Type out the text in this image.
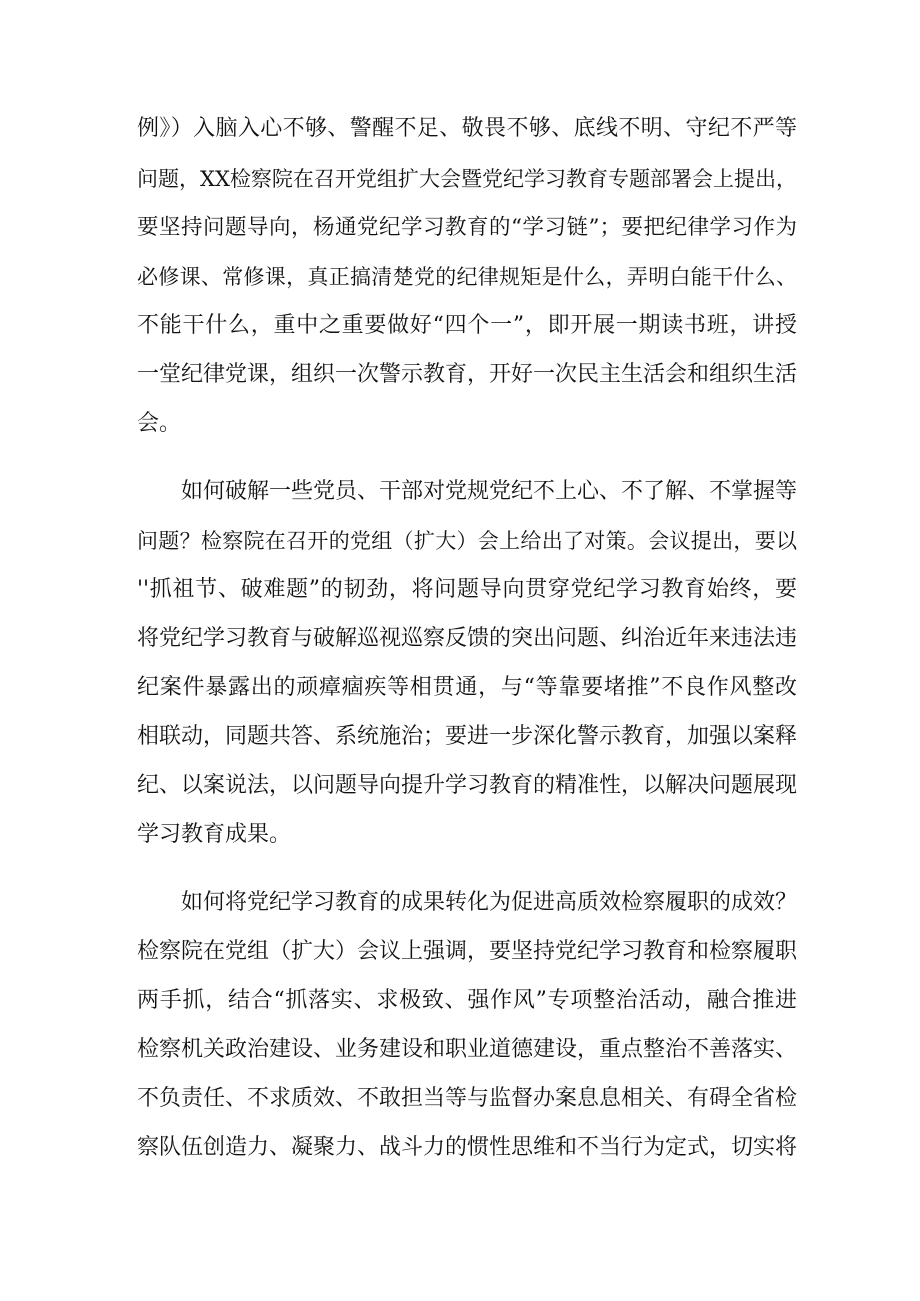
例》）入脑入心不够、警醒不足、敬畏不够、底线不明、守纪不严等
问题，XX检察院在召开党组扩大会暨党纪学习教育专题部署会上提出，
要坚持问题导向，杨通党纪学习教育的“学习链”；要把纪律学习作为
必修课、常修课，真正搞清楚党的纪律规矩是什么，弄明白能干什么、
不能干什么，重中之重要做好“四个一”，即开展一期读书班，讲授
一堂纪律党课，组织一次警示教育，开好一次民主生活会和组织生活
会。
如何破解一些党员、干部对党规党纪不上心、不了解、不掌握等
问题？检察院在召开的党组（扩大）会上给出了对策。会议提出，要以
''抓祖节、破难题”的韧劲，将问题导向贯穿党纪学习教育始终，要
将党纪学习教育与破解巡视巡察反馈的突出问题、纠治近年来违法违
纪案件暴露出的顽瘴痼疾等相贯通，与“等靠要堵推”不良作风整改
相联动，同题共答、系统施治；要进一步深化警示教育，加强以案释
纪、以案说法，以问题导向提升学习教育的精准性，以解决问题展现
学习教育成果。
如何将党纪学习教育的成果转化为促进高质效检察履职的成效？
检察院在党组（扩大）会议上强调，要坚持党纪学习教育和检察履职
两手抓，结合“抓落实、求极致、强作风”专项整治活动，融合推进
检察机关政治建设、业务建设和职业道德建设，重点整治不善落实、
不负责任、不求质效、不敢担当等与监督办案息息相关、有碍全省检
察队伍创造力、凝聚力、战斗力的惯性思维和不当行为定式，切实将
